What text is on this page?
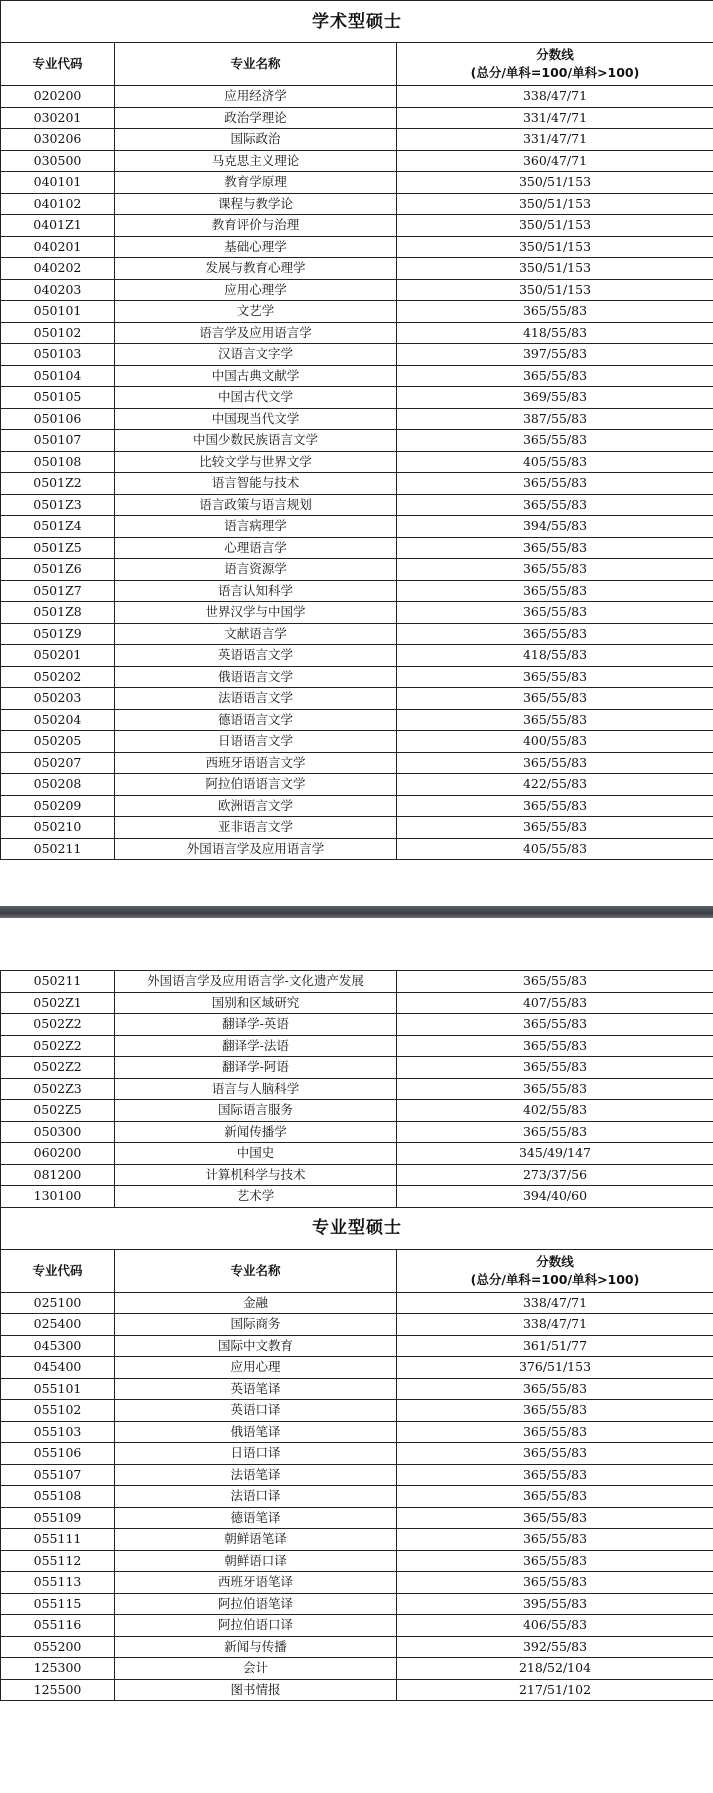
学术型硕士		
专业代码	专业名称	分数线
(总分/单科=100/单科>100)

020200	应用经济学	338/47/71
030201	政治学理论	331/47/71
030206	国际政治	331/47/71
030500	马克思主义理论	360/47/71
040101	教育学原理	350/51/153
040102	课程与教学论	350/51/153
0401Z1	教育评价与治理	350/51/153
040201	基础心理学	350/51/153
040202	发展与教育心理学	350/51/153
040203	应用心理学	350/51/153
050101	文艺学	365/55/83
050102	语言学及应用语言学	418/55/83
050103	汉语言文字学	397/55/83
050104	中国古典文献学	365/55/83
050105	中国古代文学	369/55/83
050106	中国现当代文学	387/55/83
050107	中国少数民族语言文学	365/55/83
050108	比较文学与世界文学	405/55/83
0501Z2	语言智能与技术	365/55/83
0501Z3	语言政策与语言规划	365/55/83
0501Z4	语言病理学	394/55/83
0501Z5	心理语言学	365/55/83
0501Z6	语言资源学	365/55/83
0501Z7	语言认知科学	365/55/83
0501Z8	世界汉学与中国学	365/55/83
0501Z9	文献语言学	365/55/83
050201	英语语言文学	418/55/83
050202	俄语语言文学	365/55/83
050203	法语语言文学	365/55/83
050204	德语语言文学	365/55/83
050205	日语语言文学	400/55/83
050207	西班牙语语言文学	365/55/83
050208	阿拉伯语语言文学	422/55/83
050209	欧洲语言文学	365/55/83
050210	亚非语言文学	365/55/83
050211	外国语言学及应用语言学	405/55/83
050211	外国语言学及应用语言学-文化遗产发展	365/55/83
0502Z1	国别和区域研究	407/55/83
0502Z2	翻译学-英语	365/55/83
0502Z2	翻译学-法语	365/55/83
0502Z2	翻译学-阿语	365/55/83
0502Z3	语言与人脑科学	365/55/83
0502Z5	国际语言服务	402/55/83
050300	新闻传播学	365/55/83
060200	中国史	345/49/147
081200	计算机科学与技术	273/37/56
130100	艺术学	394/40/60
专业型硕士		
专业代码	专业名称	分数线
(总分/单科=100/单科>100)

025100	金融	338/47/71
025400	国际商务	338/47/71
045300	国际中文教育	361/51/77
045400	应用心理	376/51/153
055101	英语笔译	365/55/83
055102	英语口译	365/55/83
055103	俄语笔译	365/55/83
055106	日语口译	365/55/83
055107	法语笔译	365/55/83
055108	法语口译	365/55/83
055109	德语笔译	365/55/83
055111	朝鲜语笔译	365/55/83
055112	朝鲜语口译	365/55/83
055113	西班牙语笔译	365/55/83
055115	阿拉伯语笔译	395/55/83
055116	阿拉伯语口译	406/55/83
055200	新闻与传播	392/55/83
125300	会计	218/52/104
125500	图书情报	217/51/102
